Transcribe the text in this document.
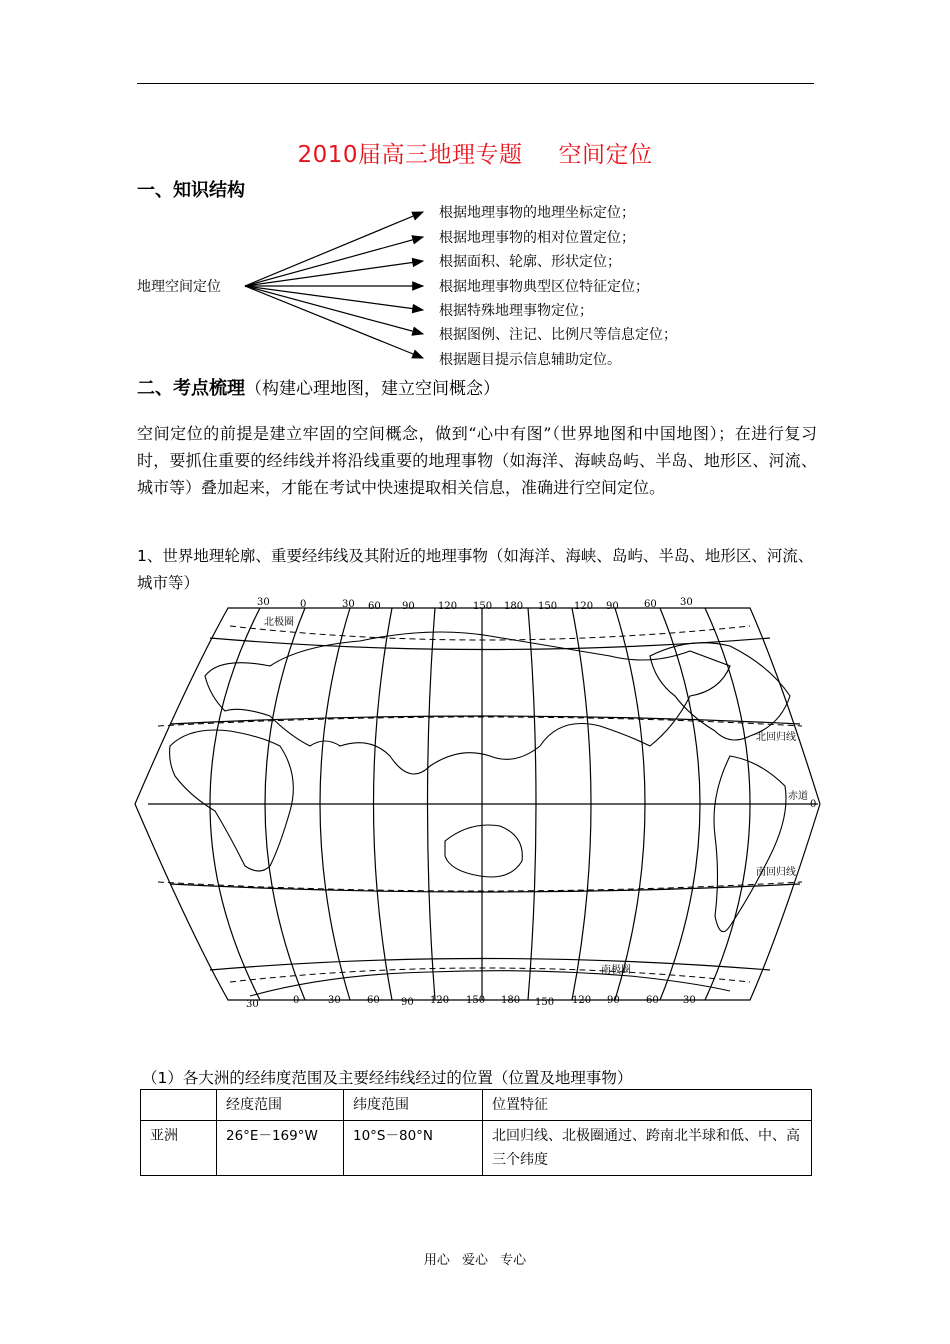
2010届高三地理专题 空间定位
一、知识结构
地理空间定位
根据地理事物的地理坐标定位；
根据地理事物的相对位置定位；
根据面积、轮廓、形状定位；
根据地理事物典型区位特征定位；
根据特殊地理事物定位；
根据图例、注记、比例尺等信息定位；
根据题目提示信息辅助定位。
二、考点梳理（构建心理地图，建立空间概念）
空间定位的前提是建立牢固的空间概念，做到“心中有图”（世界地图和中国地图）；在进行复习时，要抓住重要的经纬线并将沿线重要的地理事物（如海洋、海峡岛屿、半岛、地形区、河流、城市等）叠加起来，才能在考试中快速提取相关信息，准确进行空间定位。
1、世界地理轮廓、重要经纬线及其附近的地理事物（如海洋、海峡、岛屿、半岛、地形区、河流、城市等）
30	0	30 60 90 120 150 180 150 120 90	60 30
30	0	30	60 90 120 150 180 150 120 90	60 30
北极圈
北回归线
赤道
0
南回归线
南极圈
（1）各大洲的经纬度范围及主要经纬线经过的位置（位置及地理事物）
	经度范围	纬度范围	位置特征
亚洲	26°E－169°W	10°S－80°N	北回归线、北极圈通过、跨南北半球和低、中、高三个纬度
用心 爱心 专心
